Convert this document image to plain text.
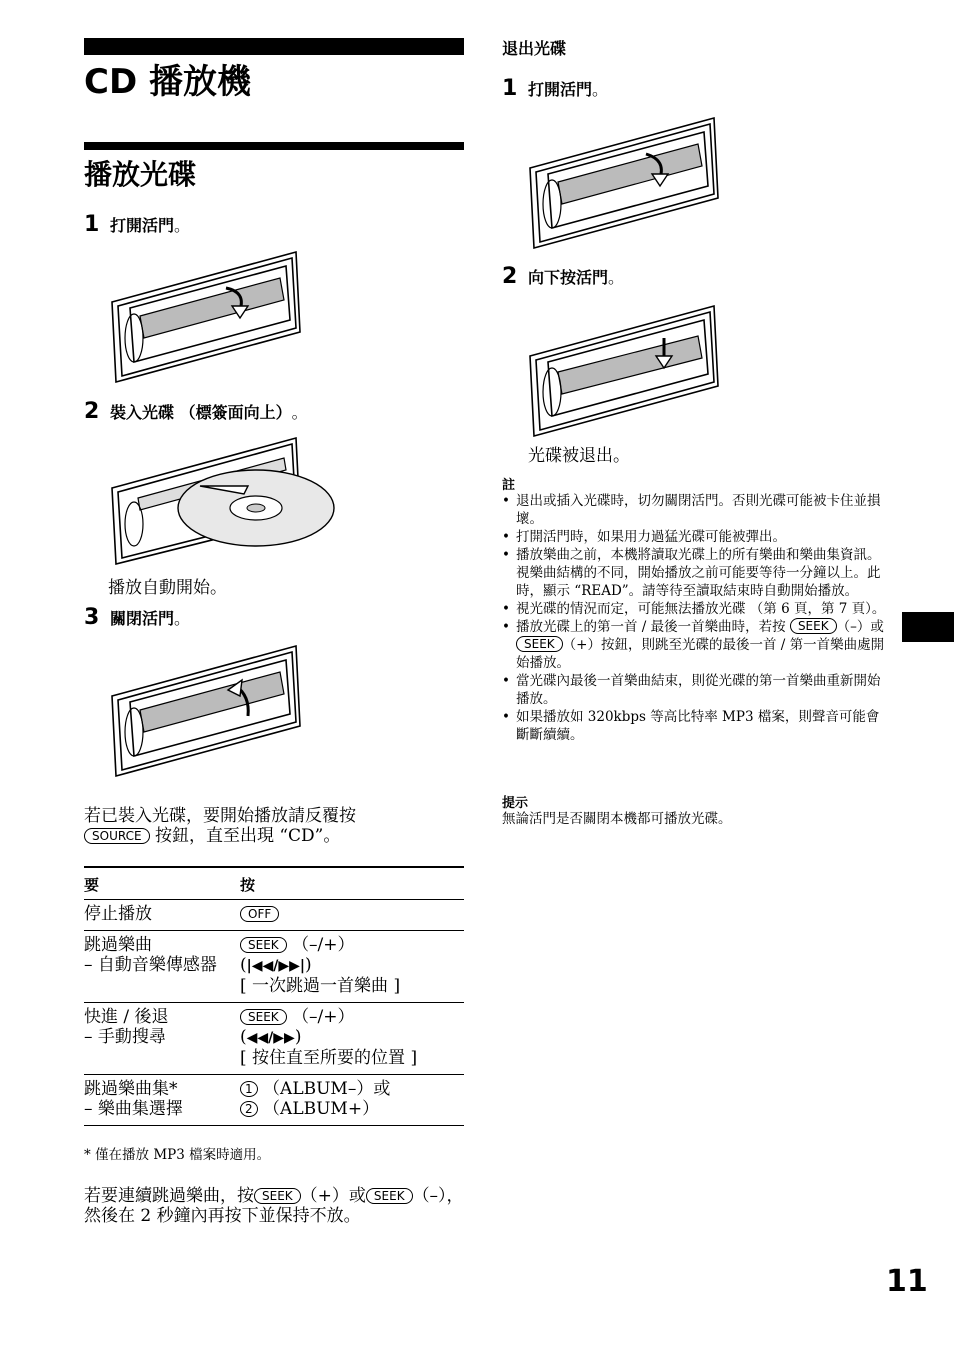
CD 播放機
播放光碟
1 打開活門 。
2 裝入光碟 （標簽面向上） 。
播放自動開始。
3 關閉活門 。
若已裝入光碟，要開始播放請反覆按
SOURCE 按鈕，直至出現 “CD”。
要	按
停止播放	OFF
跳過樂曲
– 自動音樂傳感器	SEEK （–/+）
(|◀◀/▶▶|)
[ 一次跳過一首樂曲 ]
快進 / 後退
– 手動搜尋	SEEK （–/+）
(◀◀/▶▶)
[ 按住直至所要的位置 ]
跳過樂曲集*
– 樂曲集選擇	1 （ALBUM–）或
2 （ALBUM+）
* 僅在播放 MP3 檔案時適用。
若要連續跳過樂曲，按 SEEK （+）或 SEEK （–），然後在 2 秒鐘內再按下並保持不放。
退出光碟
1 打開活門 。
2 向下按活門 。
光碟被退出。
註
• 退出或插入光碟時，切勿關閉活門。否則光碟可能被卡住並損壞。
• 打開活門時，如果用力過猛光碟可能被彈出。
• 播放樂曲之前，本機將讀取光碟上的所有樂曲和樂曲集資訊。視樂曲結構的不同，開始播放之前可能要等待一分鐘以上。此時，顯示 “READ”。請等待至讀取結束時自動開始播放。
• 視光碟的情況而定，可能無法播放光碟 （第 6 頁，第 7 頁）。
• 播放光碟上的第一首 / 最後一首樂曲時，若按 SEEK （–）或 SEEK （+）按鈕，則跳至光碟的最後一首 / 第一首樂曲處開始播放。
• 當光碟內最後一首樂曲結束，則從光碟的第一首樂曲重新開始播放。
• 如果播放如 320kbps 等高比特率 MP3 檔案，則聲音可能會斷斷續續。
提示
無論活門是否關閉本機都可播放光碟。
11
